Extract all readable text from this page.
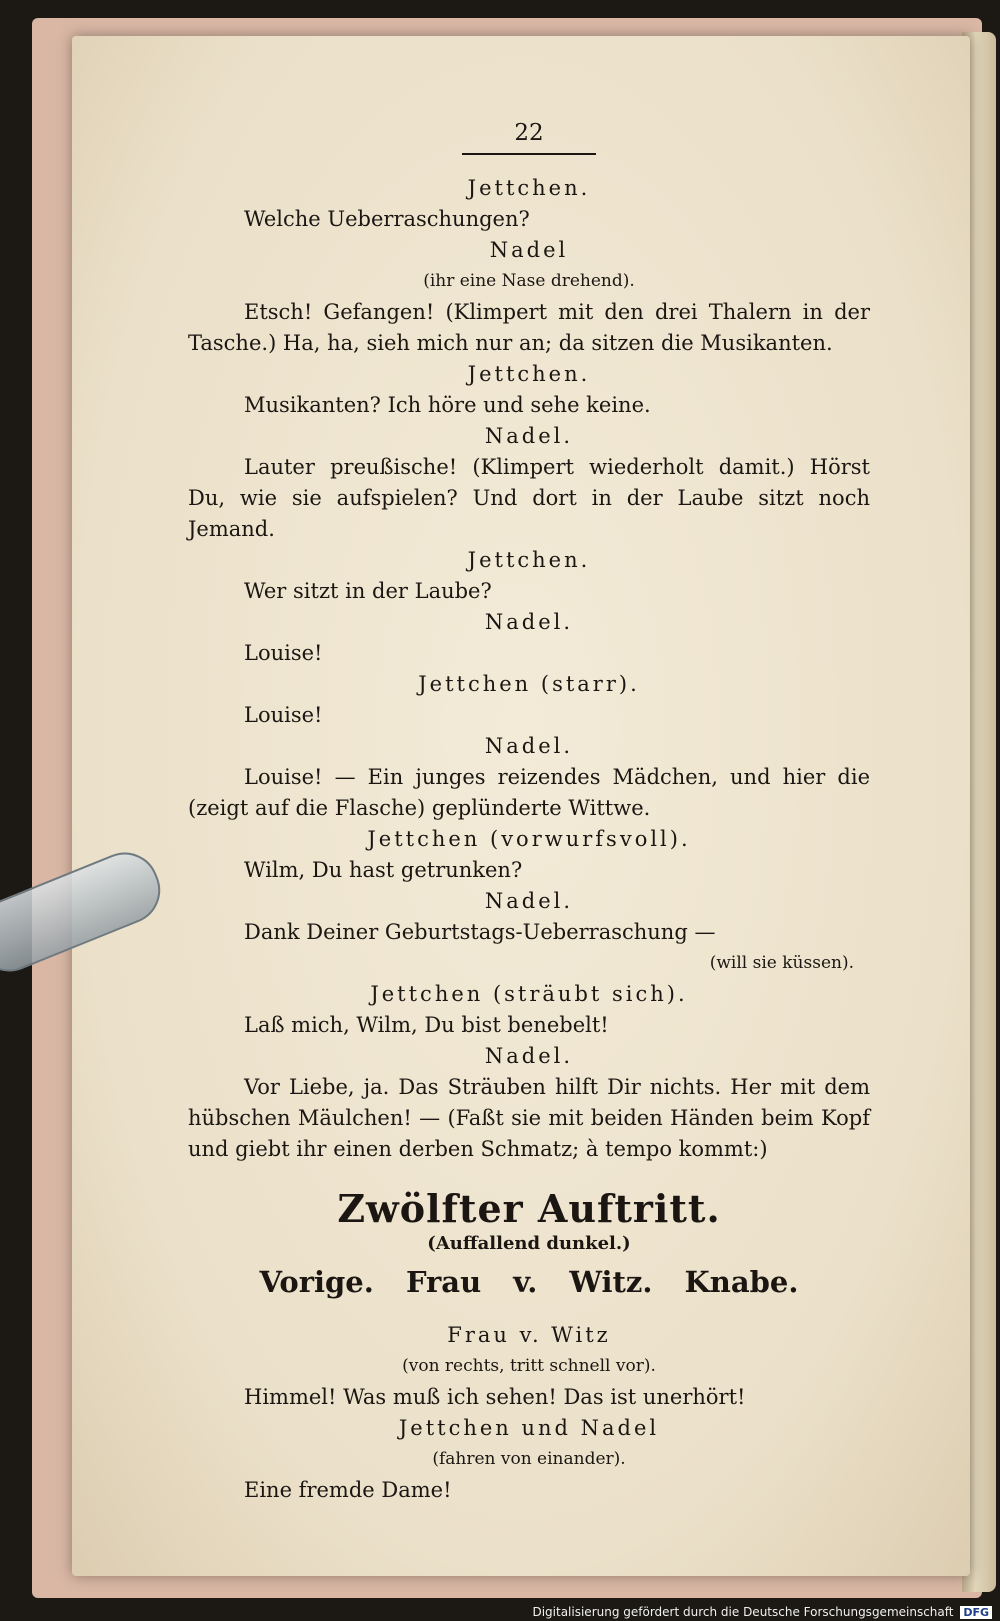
22

Jettchen.

Welche Ueberraschungen?

Nadel

(ihr eine Nase drehend).

Etsch! Gefangen! (Klimpert mit den drei Thalern in der Tasche.) Ha, ha, sieh mich nur an; da sitzen die Musikanten.

Jettchen.

Musikanten? Ich höre und sehe keine.

Nadel.

Lauter preußische! (Klimpert wiederholt damit.) Hörst Du, wie sie aufspielen? Und dort in der Laube sitzt noch Jemand.

Jettchen.

Wer sitzt in der Laube?

Nadel.

Louise!

Jettchen (starr).

Louise!

Nadel.

Louise! — Ein junges reizendes Mädchen, und hier die (zeigt auf die Flasche) geplünderte Wittwe.

Jettchen (vorwurfsvoll).

Wilm, Du hast getrunken?

Nadel.

Dank Deiner Geburtstags-Ueberraschung —

(will sie küssen).

Jettchen (sträubt sich).

Laß mich, Wilm, Du bist benebelt!

Nadel.

Vor Liebe, ja. Das Sträuben hilft Dir nichts. Her mit dem hübschen Mäulchen! — (Faßt sie mit beiden Händen beim Kopf und giebt ihr einen derben Schmatz; à tempo kommt:)

Zwölfter Auftritt.

(Auffallend dunkel.)

Vorige. Frau v. Witz. Knabe.

Frau v. Witz

(von rechts, tritt schnell vor).

Himmel! Was muß ich sehen! Das ist unerhört!

Jettchen und Nadel

(fahren von einander).

Eine fremde Dame!

Digitalisierung gefördert durch die Deutsche Forschungsgemeinschaft DFG
